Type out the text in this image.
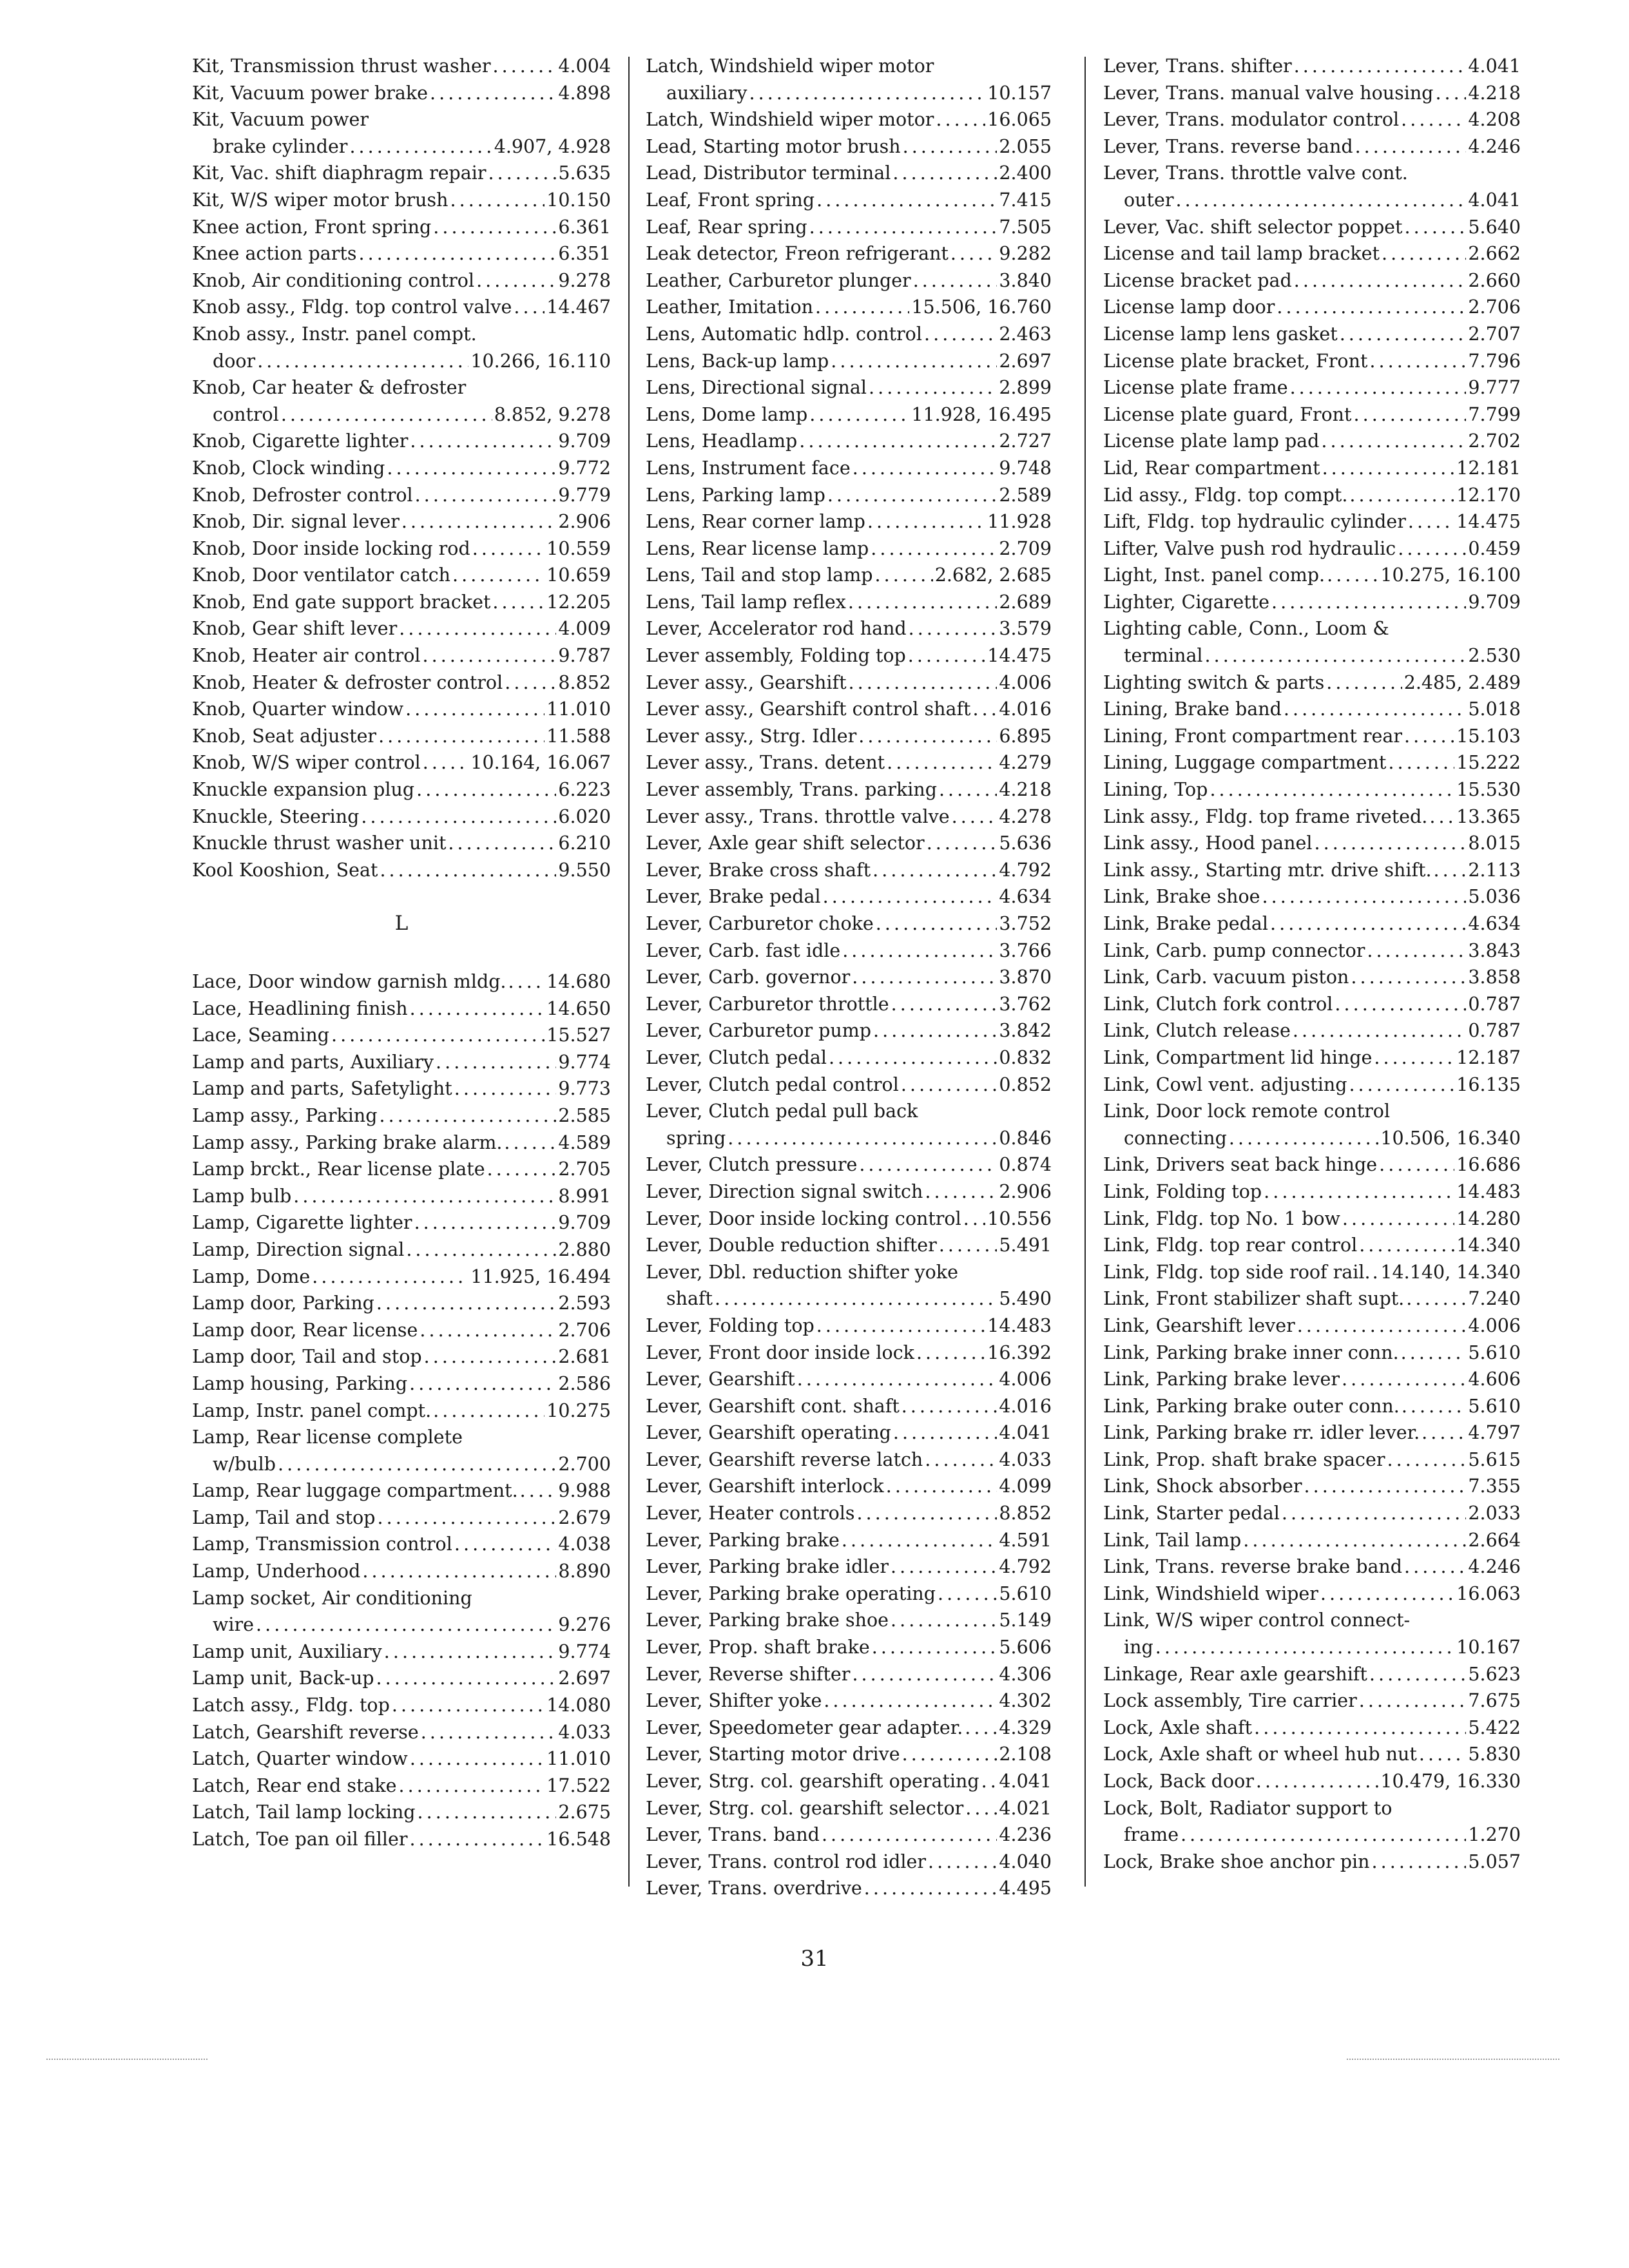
Kit, Transmission thrust washer . . .	4.004
Kit, Vacuum power brake . . .	4.898
Kit, Vacuum power
brake cylinder . . .	4.907, 4.928
Kit, Vac. shift diaphragm repair . . .	5.635
Kit, W/S wiper motor brush . . .	10.150
Knee action, Front spring . . .	6.361
Knee action parts . . .	6.351
Knob, Air conditioning control . . .	9.278
Knob assy., Fldg. top control valve . . . 14.467
Knob assy., Instr. panel compt.
door . . .	10.266, 16.110
Knob, Car heater & defroster
control . . .	8.852, 9.278
Knob, Cigarette lighter . . .	9.709
Knob, Clock winding . . .	9.772
Knob, Defroster control . . .	9.779
Knob, Dir. signal lever . . .	2.906
Knob, Door inside locking rod . . .	10.559
Knob, Door ventilator catch . . .	10.659
Knob, End gate support bracket . . .	12.205
Knob, Gear shift lever . . .	4.009
Knob, Heater air control . . .	9.787
Knob, Heater & defroster control . . .	8.852
Knob, Quarter window . . .	11.010
Knob, Seat adjuster . . .	11.588
Knob, W/S wiper control . . .	10.164, 16.067
Knuckle expansion plug . . .	6.223
Knuckle, Steering . . .	6.020
Knuckle thrust washer unit . . .	6.210
Kool Kooshion, Seat . . .	9.550
L
Lace, Door window garnish mldg. . . . 14.680
Lace, Headlining finish . . .	14.650
Lace, Seaming . . .	15.527
Lamp and parts, Auxiliary . . .	9.774
Lamp and parts, Safetylight . . .	9.773
Lamp assy., Parking . . .	2.585
Lamp assy., Parking brake alarm. . . .	4.589
Lamp brckt., Rear license plate . . .	2.705
Lamp bulb . . .	8.991
Lamp, Cigarette lighter . . .	9.709
Lamp, Direction signal . . .	2.880
Lamp, Dome . . .	11.925, 16.494
Lamp door, Parking . . .	2.593
Lamp door, Rear license . . .	2.706
Lamp door, Tail and stop . . .	2.681
Lamp housing, Parking . . .	2.586
Lamp, Instr. panel compt. . . .	10.275
Lamp, Rear license complete
w/bulb . . .	2.700
Lamp, Rear luggage compartment. . . . 9.988
Lamp, Tail and stop . . .	2.679
Lamp, Transmission control . . .	4.038
Lamp, Underhood . . .	8.890
Lamp socket, Air conditioning
wire . . .	9.276
Lamp unit, Auxiliary . . .	9.774
Lamp unit, Back-up . . .	2.697
Latch assy., Fldg. top . . .	14.080
Latch, Gearshift reverse . . .	4.033
Latch, Quarter window . . .	11.010
Latch, Rear end stake . . .	17.522
Latch, Tail lamp locking . . .	2.675
Latch, Toe pan oil filler . . .	16.548
Latch, Windshield wiper motor
auxiliary . . .	10.157
Latch, Windshield wiper motor . . .	16.065
Lead, Starting motor brush . . .	2.055
Lead, Distributor terminal . . .	2.400
Leaf, Front spring . . .	7.415
Leaf, Rear spring . . .	7.505
Leak detector, Freon refrigerant . . .	9.282
Leather, Carburetor plunger . . .	3.840
Leather, Imitation . . .	15.506, 16.760
Lens, Automatic hdlp. control . . .	2.463
Lens, Back-up lamp . . .	2.697
Lens, Directional signal . . .	2.899
Lens, Dome lamp . . .	11.928, 16.495
Lens, Headlamp . . .	2.727
Lens, Instrument face . . .	9.748
Lens, Parking lamp . . .	2.589
Lens, Rear corner lamp . . .	11.928
Lens, Rear license lamp . . .	2.709
Lens, Tail and stop lamp . . .	2.682, 2.685
Lens, Tail lamp reflex . . .	2.689
Lever, Accelerator rod hand . . .	3.579
Lever assembly, Folding top . . .	14.475
Lever assy., Gearshift . . .	4.006
Lever assy., Gearshift control shaft . . . 4.016
Lever assy., Strg. Idler . . .	6.895
Lever assy., Trans. detent . . .	4.279
Lever assembly, Trans. parking . . .	4.218
Lever assy., Trans. throttle valve . . .	4.278
Lever, Axle gear shift selector . . .	5.636
Lever, Brake cross shaft . . .	4.792
Lever, Brake pedal . . .	4.634
Lever, Carburetor choke . . .	3.752
Lever, Carb. fast idle . . .	3.766
Lever, Carb. governor . . .	3.870
Lever, Carburetor throttle . . .	3.762
Lever, Carburetor pump . . .	3.842
Lever, Clutch pedal . . .	0.832
Lever, Clutch pedal control . . .	0.852
Lever, Clutch pedal pull back
spring . . .	0.846
Lever, Clutch pressure . . .	0.874
Lever, Direction signal switch . . .	2.906
Lever, Door inside locking control . . . 10.556
Lever, Double reduction shifter . . .	5.491
Lever, Dbl. reduction shifter yoke
shaft . . .	5.490
Lever, Folding top . . .	14.483
Lever, Front door inside lock . . .	16.392
Lever, Gearshift . . .	4.006
Lever, Gearshift cont. shaft . . .	4.016
Lever, Gearshift operating . . .	4.041
Lever, Gearshift reverse latch . . .	4.033
Lever, Gearshift interlock . . .	4.099
Lever, Heater controls . . .	8.852
Lever, Parking brake . . .	4.591
Lever, Parking brake idler . . .	4.792
Lever, Parking brake operating . . .	5.610
Lever, Parking brake shoe . . .	5.149
Lever, Prop. shaft brake . . .	5.606
Lever, Reverse shifter . . .	4.306
Lever, Shifter yoke . . .	4.302
Lever, Speedometer gear adapter. . . . 4.329
Lever, Starting motor drive . . .	2.108
Lever, Strg. col. gearshift operating . . . 4.041
Lever, Strg. col. gearshift selector . . . 4.021
Lever, Trans. band . . .	4.236
Lever, Trans. control rod idler . . .	4.040
Lever, Trans. overdrive . . .	4.495
Lever, Trans. shifter . . .	4.041
Lever, Trans. manual valve housing . . . 4.218
Lever, Trans. modulator control . . .	4.208
Lever, Trans. reverse band . . .	4.246
Lever, Trans. throttle valve cont.
outer . . .	4.041
Lever, Vac. shift selector poppet . . .	5.640
License and tail lamp bracket . . .	2.662
License bracket pad . . .	2.660
License lamp door . . .	2.706
License lamp lens gasket . . .	2.707
License plate bracket, Front . . .	7.796
License plate frame . . .	9.777
License plate guard, Front . . .	7.799
License plate lamp pad . . .	2.702
Lid, Rear compartment . . .	12.181
Lid assy., Fldg. top compt. . . .	12.170
Lift, Fldg. top hydraulic cylinder . . .	14.475
Lifter, Valve push rod hydraulic . . .	0.459
Light, Inst. panel comp. . . .	10.275, 16.100
Lighter, Cigarette . . .	9.709
Lighting cable, Conn., Loom &
terminal . . .	2.530
Lighting switch & parts . . .	2.485, 2.489
Lining, Brake band . . .	5.018
Lining, Front compartment rear . . .	15.103
Lining, Luggage compartment . . .	15.222
Lining, Top . . .	15.530
Link assy., Fldg. top frame riveted. . . . 13.365
Link assy., Hood panel . . .	8.015
Link assy., Starting mtr. drive shift. . . . 2.113
Link, Brake shoe . . .	5.036
Link, Brake pedal . . .	4.634
Link, Carb. pump connector . . .	3.843
Link, Carb. vacuum piston . . .	3.858
Link, Clutch fork control . . .	0.787
Link, Clutch release . . .	0.787
Link, Compartment lid hinge . . .	12.187
Link, Cowl vent. adjusting . . .	16.135
Link, Door lock remote control
connecting . . .	10.506, 16.340
Link, Drivers seat back hinge . . .	16.686
Link, Folding top . . .	14.483
Link, Fldg. top No. 1 bow . . .	14.280
Link, Fldg. top rear control . . .	14.340
Link, Fldg. top side roof rail. . . . 14.140, 14.340
Link, Front stabilizer shaft supt. . . .	7.240
Link, Gearshift lever . . .	4.006
Link, Parking brake inner conn. . . .	5.610
Link, Parking brake lever . . .	4.606
Link, Parking brake outer conn. . . .	5.610
Link, Parking brake rr. idler lever. . . .	4.797
Link, Prop. shaft brake spacer . . .	5.615
Link, Shock absorber . . .	7.355
Link, Starter pedal . . .	2.033
Link, Tail lamp . . .	2.664
Link, Trans. reverse brake band . . .	4.246
Link, Windshield wiper . . .	16.063
Link, W/S wiper control connect-
ing . . .	10.167
Linkage, Rear axle gearshift . . .	5.623
Lock assembly, Tire carrier . . .	7.675
Lock, Axle shaft . . .	5.422
Lock, Axle shaft or wheel hub nut . . .	5.830
Lock, Back door . . .	10.479, 16.330
Lock, Bolt, Radiator support to
frame . . .	1.270
Lock, Brake shoe anchor pin . . .	5.057
31
